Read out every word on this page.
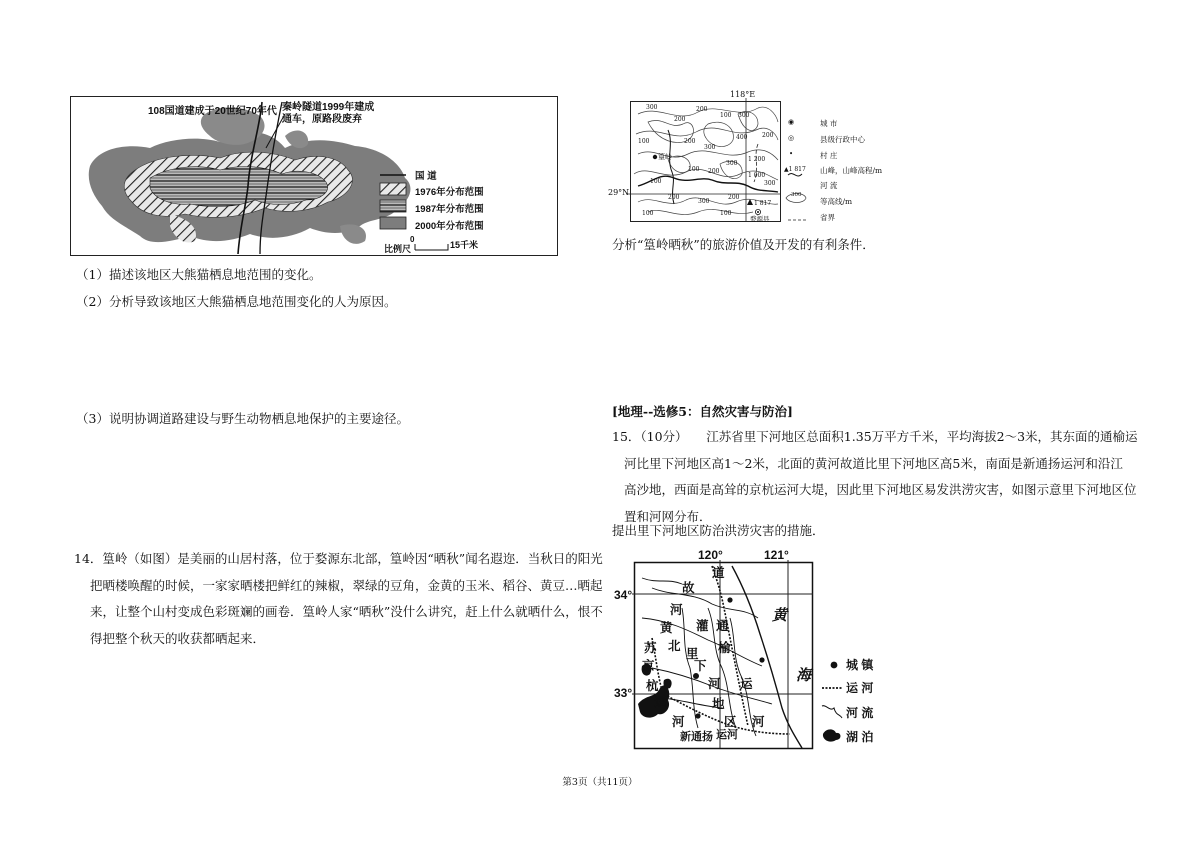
108国道建成于20世纪70年代 秦岭隧道1999年建成通车，原路段废弃
国 道
1976年分布范围
1987年分布范围
2000年分布范围
比例尺
0
15千米
（1）描述该地区大熊猫栖息地范围的变化。
（2）分析导致该地区大熊猫栖息地范围变化的人为原因。
（3）说明协调道路建设与野生动物栖息地保护的主要途径。
14．篁岭（如图）是美丽的山居村落，位于婺源东北部，篁岭因“晒秋”闻名遐迩．当秋日的阳光
把晒楼唤醒的时候，一家家晒楼把鲜红的辣椒，翠绿的豆角，金黄的玉米、稻谷、黄豆…晒起
来，让整个山村变成色彩斑斓的画卷．篁岭人家“晒秋”没什么讲究，赶上什么就晒什么，恨不
得把整个秋天的收获都晒起来．
118°E
29°N
篁岭
婺源县
1 817
300
200
200
100
400
300
200
100
100
100 200
300
1 200
1 000
200
300
100	100
200
300
300
200
◉	城 市
◎	县级行政中心
•	村 庄
▲1 817 山峰，山峰高程/m
河 流
300
等高线/m
省界
分析“篁岭晒秋”的旅游价值及开发的有利条件．
[地理--选修5：自然灾害与防治]
15．（10分）　　江苏省里下河地区总面积1.35万平方千米，平均海拔2～3米，其东面的通榆运
河比里下河地区高1～2米，北面的黄河故道比里下河地区高5米，南面是新通扬运河和沿江
高沙地，西面是高耸的京杭运河大堤，因此里下河地区易发洪涝灾害，如图示意里下河地区位
置和河网分布．
提出里下河地区防治洪涝灾害的措施．
120°	121°
34°
33°
故
道
河
黄 灌 通
北
苏 里 榆
京	下
杭	河
运
运
地
河	区 河
新通扬 运河
黄
海
城 镇
运 河
河 流
湖 泊
第3页（共11页）
